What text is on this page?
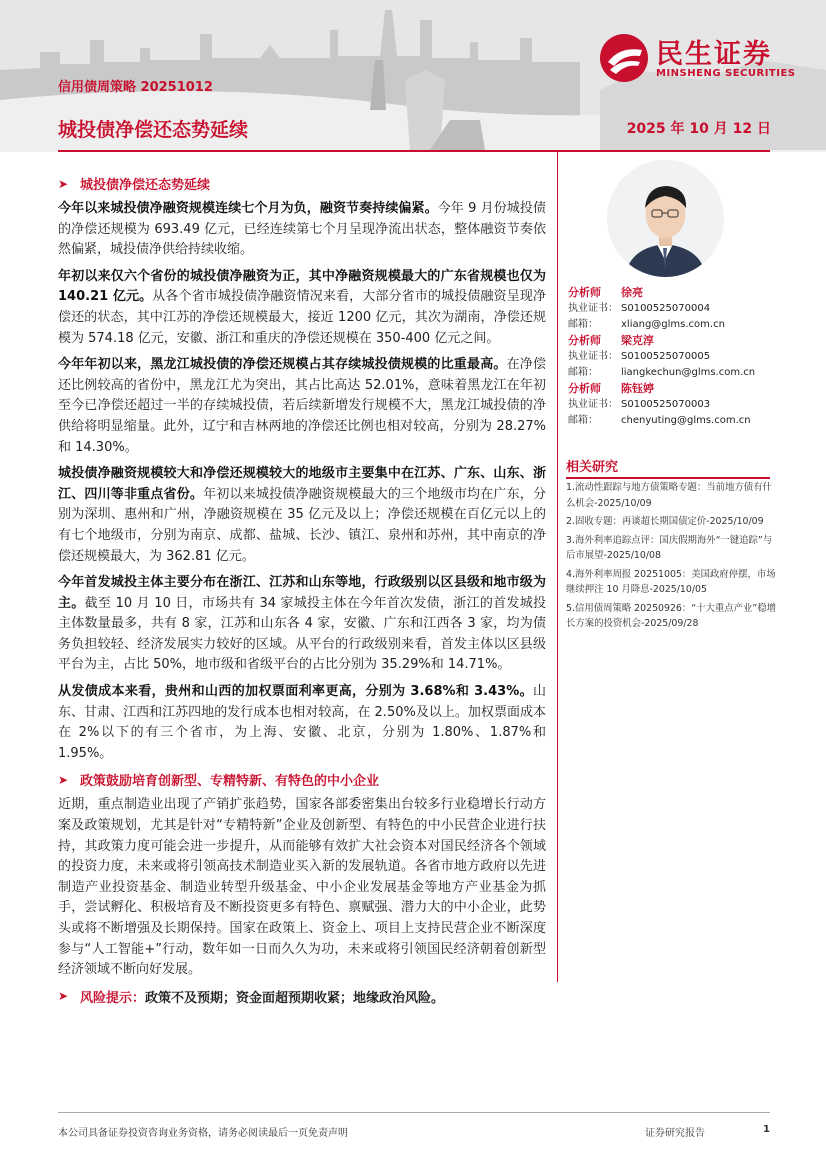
信用债周策略 20251012
城投债净偿还态势延续	2025 年 10 月 12 日
民生证券
MINSHENG SECURITIES
➤ 城投债净偿还态势延续

今年以来城投债净融资规模连续七个月为负，融资节奏持续偏紧。今年 9 月份城投债的净偿还规模为 693.49 亿元，已经连续第七个月呈现净流出状态，整体融资节奏依然偏紧，城投债净供给持续收缩。

年初以来仅六个省份的城投债净融资为正，其中净融资规模最大的广东省规模也仅为 140.21 亿元。从各个省市城投债净融资情况来看，大部分省市的城投债融资呈现净偿还的状态，其中江苏的净偿还规模最大，接近 1200 亿元，其次为湖南，净偿还规模为 574.18 亿元，安徽、浙江和重庆的净偿还规模在 350-400 亿元之间。

今年年初以来，黑龙江城投债的净偿还规模占其存续城投债规模的比重最高。在净偿还比例较高的省份中，黑龙江尤为突出，其占比高达 52.01%，意味着黑龙江在年初至今已净偿还超过一半的存续城投债，若后续新增发行规模不大，黑龙江城投债的净供给将明显缩量。此外，辽宁和吉林两地的净偿还比例也相对较高，分别为 28.27%和 14.30%。

城投债净融资规模较大和净偿还规模较大的地级市主要集中在江苏、广东、山东、浙江、四川等非重点省份。年初以来城投债净融资规模最大的三个地级市均在广东，分别为深圳、惠州和广州，净融资规模在 35 亿元及以上；净偿还规模在百亿元以上的有七个地级市，分别为南京、成都、盐城、长沙、镇江、泉州和苏州，其中南京的净偿还规模最大，为 362.81 亿元。

今年首发城投主体主要分布在浙江、江苏和山东等地，行政级别以区县级和地市级为主。截至 10 月 10 日，市场共有 34 家城投主体在今年首次发债，浙江的首发城投主体数量最多，共有 8 家，江苏和山东各 4 家，安徽、广东和江西各 3 家，均为债务负担较轻、经济发展实力较好的区域。从平台的行政级别来看，首发主体以区县级平台为主，占比 50%，地市级和省级平台的占比分别为 35.29%和 14.71%。

从发债成本来看，贵州和山西的加权票面利率更高，分别为 3.68%和 3.43%。山东、甘肃、江西和江苏四地的发行成本也相对较高，在 2.50%及以上。加权票面成本在 2%以下的有三个省市，为上海、安徽、北京，分别为 1.80%、1.87%和 1.95%。

➤ 政策鼓励培育创新型、专精特新、有特色的中小企业

近期，重点制造业出现了产销扩张趋势，国家各部委密集出台较多行业稳增长行动方案及政策规划，尤其是针对“专精特新”企业及创新型、有特色的中小民营企业进行扶持，其政策力度可能会进一步提升，从而能够有效扩大社会资本对国民经济各个领域的投资力度，未来或将引领高技术制造业买入新的发展轨道。各省市地方政府以先进制造产业投资基金、制造业转型升级基金、中小企业发展基金等地方产业基金为抓手，尝试孵化、积极培育及不断投资更多有特色、禀赋强、潜力大的中小企业，此势头或将不断增强及长期保持。国家在政策上、资金上、项目上支持民营企业不断深度参与“人工智能+”行动，数年如一日而久久为功，未来或将引领国民经济朝着创新型经济领域不断向好发展。

➤ 风险提示： 政策不及预期；资金面超预期收紧；地缘政治风险。
分析师	徐亮
执业证书： S0100525070004
邮箱：	xliang@glms.com.cn
分析师	梁克淳
执业证书： S0100525070005
邮箱：	liangkechun@glms.com.cn
分析师	陈钰婷
执业证书： S0100525070003
邮箱：	chenyuting@glms.com.cn
相关研究
1.流动性跟踪与地方债策略专题：当前地方债有什么机会-2025/10/09
2.固收专题：再谈超长期国债定价-2025/10/09
3.海外利率追踪点评：国庆假期海外“一键追踪”与后市展望-2025/10/08
4.海外利率周报 20251005：美国政府停摆，市场继续押注 10 月降息-2025/10/05
5.信用债周策略 20250926：“十大重点产业”稳增长方案的投资机会-2025/09/28
本公司具备证券投资咨询业务资格，请务必阅读最后一页免责声明	证券研究报告	1
